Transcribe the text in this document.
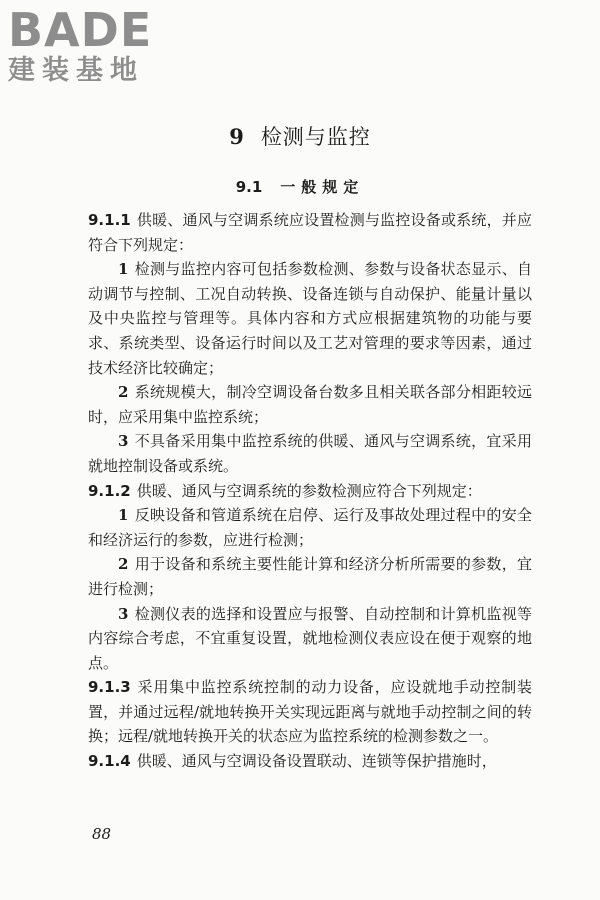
BADE
建装基地
9 检测与监控
9.1 一般规定

9.1.1 供暖、通风与空调系统应设置检测与监控设备或系统，并应符合下列规定：

1 检测与监控内容可包括参数检测、参数与设备状态显示、自动调节与控制、工况自动转换、设备连锁与自动保护、能量计量以及中央监控与管理等。具体内容和方式应根据建筑物的功能与要求、系统类型、设备运行时间以及工艺对管理的要求等因素，通过技术经济比较确定；

2 系统规模大，制冷空调设备台数多且相关联各部分相距较远时，应采用集中监控系统；

3 不具备采用集中监控系统的供暖、通风与空调系统，宜采用就地控制设备或系统。

9.1.2 供暖、通风与空调系统的参数检测应符合下列规定：

1 反映设备和管道系统在启停、运行及事故处理过程中的安全和经济运行的参数，应进行检测；

2 用于设备和系统主要性能计算和经济分析所需要的参数，宜进行检测；

3 检测仪表的选择和设置应与报警、自动控制和计算机监视等内容综合考虑，不宜重复设置，就地检测仪表应设在便于观察的地点。

9.1.3 采用集中监控系统控制的动力设备，应设就地手动控制装置，并通过远程/就地转换开关实现远距离与就地手动控制之间的转换；远程/就地转换开关的状态应为监控系统的检测参数之一。

9.1.4 供暖、通风与空调设备设置联动、连锁等保护措施时，

88
